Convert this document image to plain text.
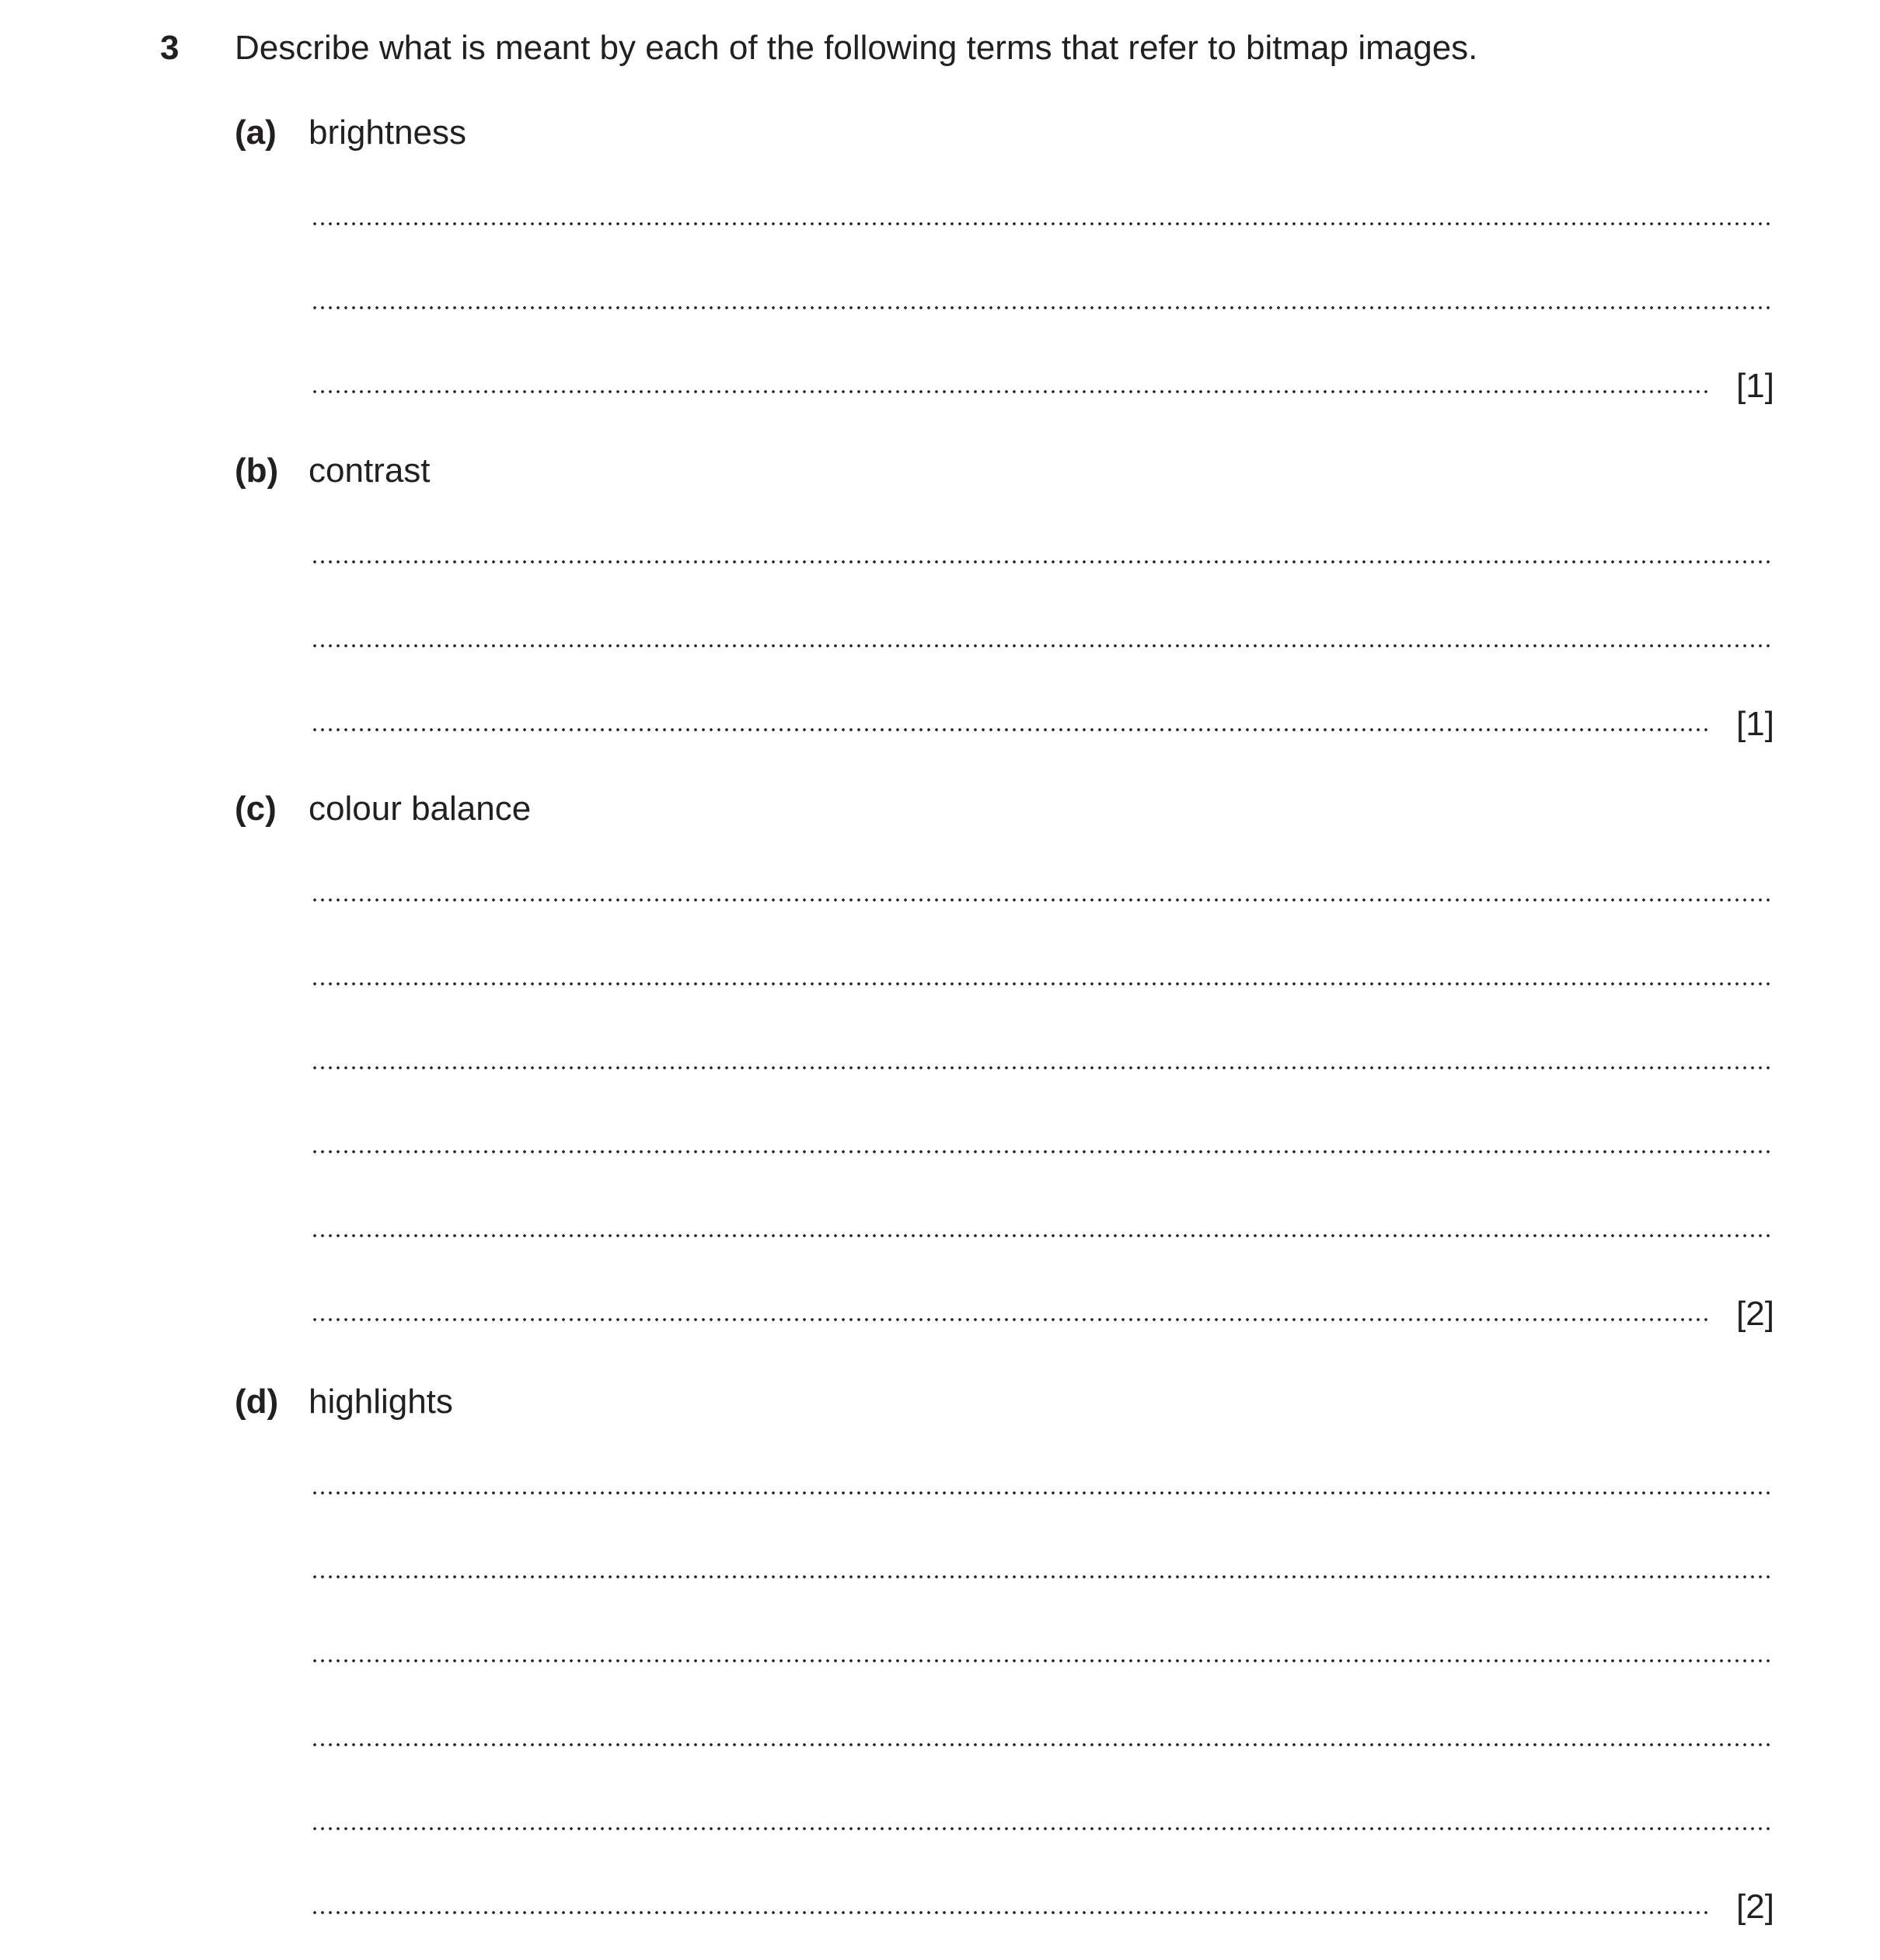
3 Describe what is meant by each of the following terms that refer to bitmap images.
(a) brightness
[1]
(b) contrast
[1]
(c) colour balance
[2]
(d) highlights
[2]
